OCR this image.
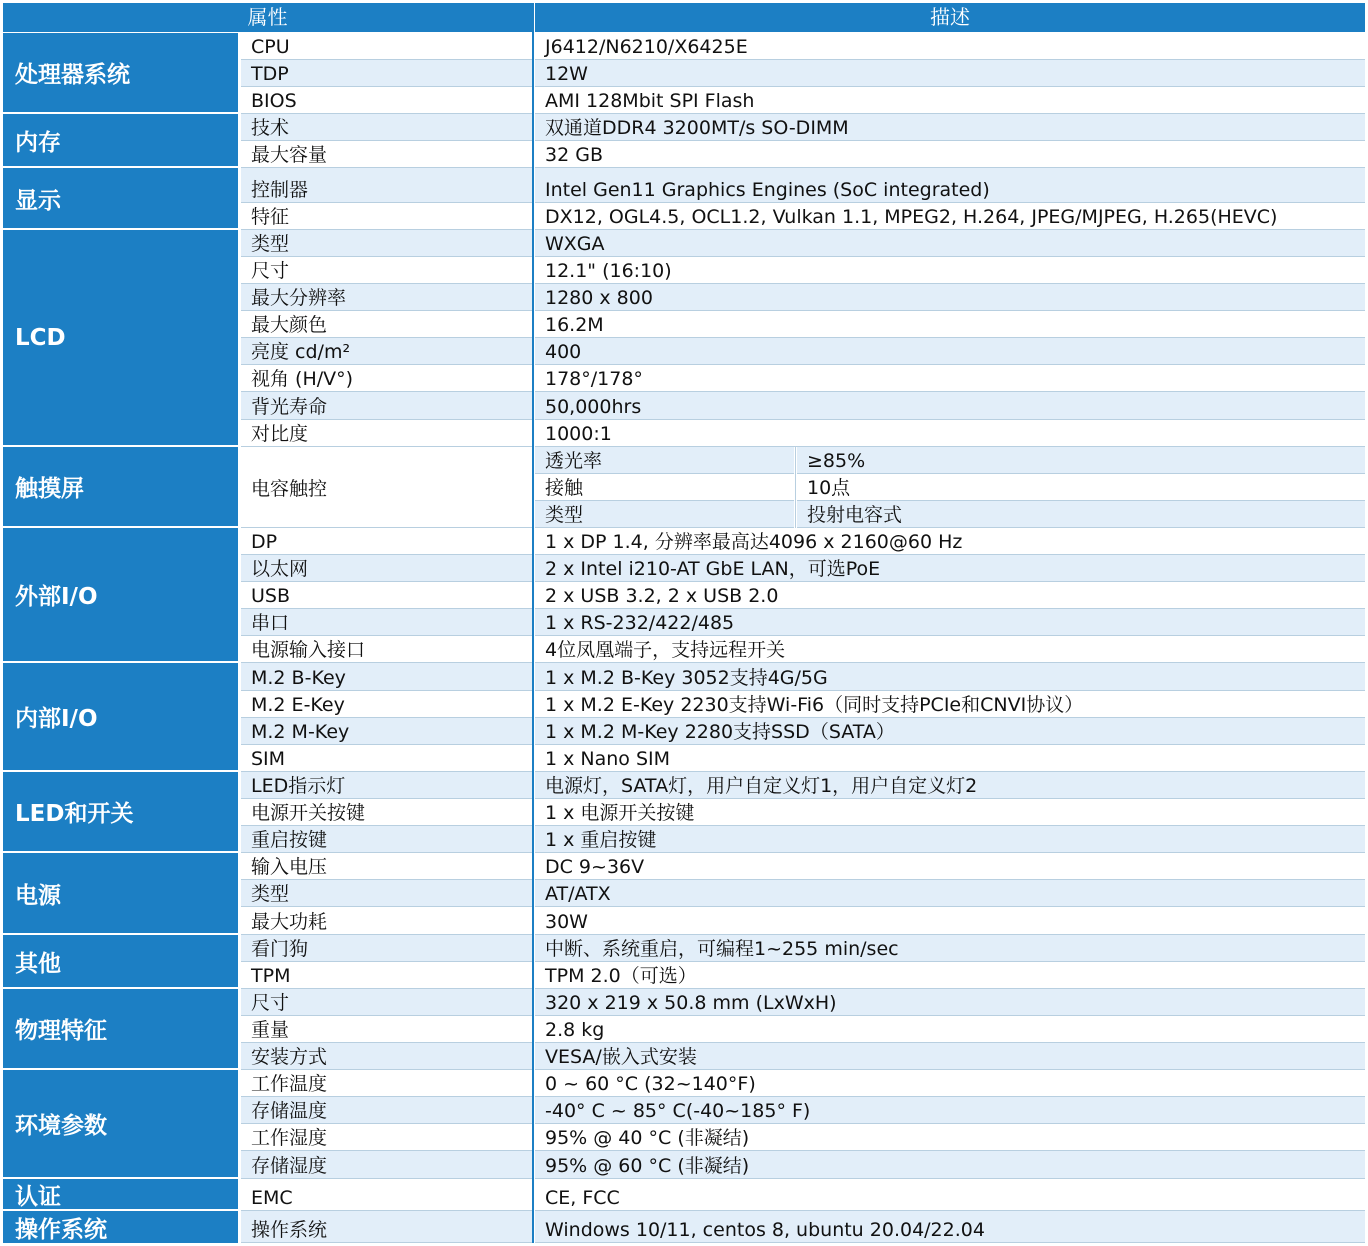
属性	描述
处理器系统
CPU	J6412/N6210/X6425E
TDP	12W
BIOS	AMI 128Mbit SPI Flash
内存
技术	双通道DDR4 3200MT/s SO-DIMM
最大容量	32 GB
显示	控制器	Intel Gen11 Graphics Engines (SoC integrated)
特征	DX12, OGL4.5, OCL1.2, Vulkan 1.1, MPEG2, H.264, JPEG/MJPEG, H.265(HEVC)
LCD
类型	WXGA
尺寸	12.1" (16:10)
最大分辨率	1280 x 800
最大颜色	16.2M
亮度 cd/m²	400
视角 (H/V°)	178°/178°
背光寿命	50,000hrs
对比度	1000:1
触摸屏	电容触控
透光率	≥85%
接触	10点
类型	投射电容式
外部I/O
DP	1 x DP 1.4, 分辨率最高达4096 x 2160@60 Hz
以太网	2 x Intel i210-AT GbE LAN，可选PoE
USB	2 x USB 3.2, 2 x USB 2.0
串口	1 x RS-232/422/485
电源输入接口	4位凤凰端子，支持远程开关
内部I/O
M.2 B-Key	1 x M.2 B-Key 3052支持4G/5G
M.2 E-Key	1 x M.2 E-Key 2230支持Wi-Fi6（同时支持PCIe和CNVI协议）
M.2 M-Key	1 x M.2 M-Key 2280支持SSD（SATA）
SIM	1 x Nano SIM
LED和开关
LED指示灯	电源灯，SATA灯，用户自定义灯1，用户自定义灯2
电源开关按键	1 x 电源开关按键
重启按键	1 x 重启按键
电源
输入电压	DC 9~36V
类型	AT/ATX
最大功耗	30W
其他
看门狗	中断、系统重启，可编程1~255 min/sec
TPM	TPM 2.0（可选）
物理特征
尺寸	320 x 219 x 50.8 mm (LxWxH)
重量	2.8 kg
安装方式	VESA/嵌入式安装
环境参数
工作温度	0 ~ 60 °C (32~140°F)
存储温度	-40° C ~ 85° C(-40~185° F)
工作湿度	95% @ 40 °C (非凝结)
存储湿度	95% @ 60 °C (非凝结)
认证	EMC	CE, FCC
操作系统	操作系统	Windows 10/11, centos 8, ubuntu 20.04/22.04
